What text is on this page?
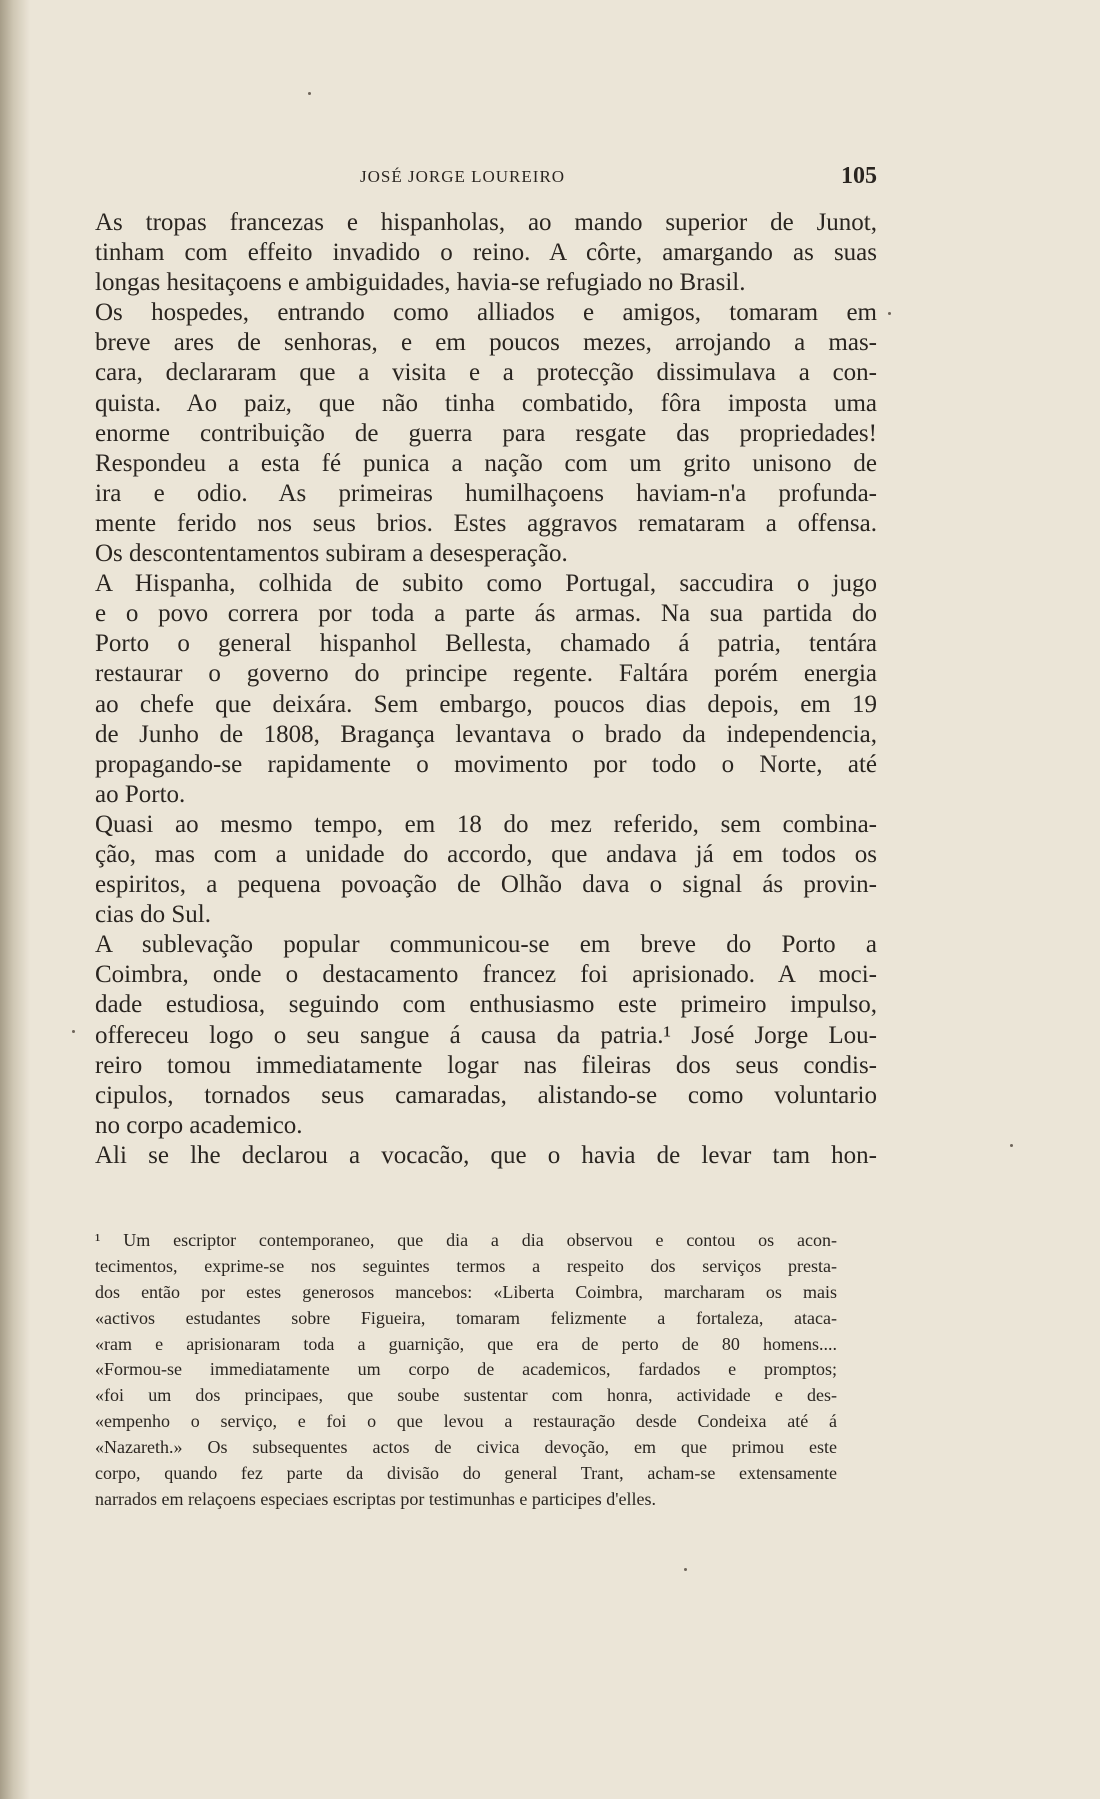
JOSÉ JORGE LOUREIRO	105
As tropas francezas e hispanholas, ao mando superior de Junot,
tinham com effeito invadido o reino. A côrte, amargando as suas
longas hesitaçoens e ambiguidades, havia-se refugiado no Brasil.
Os hospedes, entrando como alliados e amigos, tomaram em
breve ares de senhoras, e em poucos mezes, arrojando a mas-
cara, declararam que a visita e a protecção dissimulava a con-
quista. Ao paiz, que não tinha combatido, fôra imposta uma
enorme contribuição de guerra para resgate das propriedades!
Respondeu a esta fé punica a nação com um grito unisono de
ira e odio. As primeiras humilhaçoens haviam-n'a profunda-
mente ferido nos seus brios. Estes aggravos remataram a offensa.
Os descontentamentos subiram a desesperação.
A Hispanha, colhida de subito como Portugal, saccudira o jugo
e o povo correra por toda a parte ás armas. Na sua partida do
Porto o general hispanhol Bellesta, chamado á patria, tentára
restaurar o governo do principe regente. Faltára porém energia
ao chefe que deixára. Sem embargo, poucos dias depois, em 19
de Junho de 1808, Bragança levantava o brado da independencia,
propagando-se rapidamente o movimento por todo o Norte, até
ao Porto.
Quasi ao mesmo tempo, em 18 do mez referido, sem combina-
ção, mas com a unidade do accordo, que andava já em todos os
espiritos, a pequena povoação de Olhão dava o signal ás provin-
cias do Sul.
A sublevação popular communicou-se em breve do Porto a
Coimbra, onde o destacamento francez foi aprisionado. A moci-
dade estudiosa, seguindo com enthusiasmo este primeiro impulso,
offereceu logo o seu sangue á causa da patria.¹ José Jorge Lou-
reiro tomou immediatamente logar nas fileiras dos seus condis-
cipulos, tornados seus camaradas, alistando-se como voluntario
no corpo academico.
Ali se lhe declarou a vocacão, que o havia de levar tam hon-
¹ Um escriptor contemporaneo, que dia a dia observou e contou os acon-
tecimentos, exprime-se nos seguintes termos a respeito dos serviços presta-
dos então por estes generosos mancebos: «Liberta Coimbra, marcharam os mais
«activos estudantes sobre Figueira, tomaram felizmente a fortaleza, ataca-
«ram e aprisionaram toda a guarnição, que era de perto de 80 homens....
«Formou-se immediatamente um corpo de academicos, fardados e promptos;
«foi um dos principaes, que soube sustentar com honra, actividade e des-
«empenho o serviço, e foi o que levou a restauração desde Condeixa até á
«Nazareth.» Os subsequentes actos de civica devoção, em que primou este
corpo, quando fez parte da divisão do general Trant, acham-se extensamente
narrados em relaçoens especiaes escriptas por testimunhas e participes d'elles.
